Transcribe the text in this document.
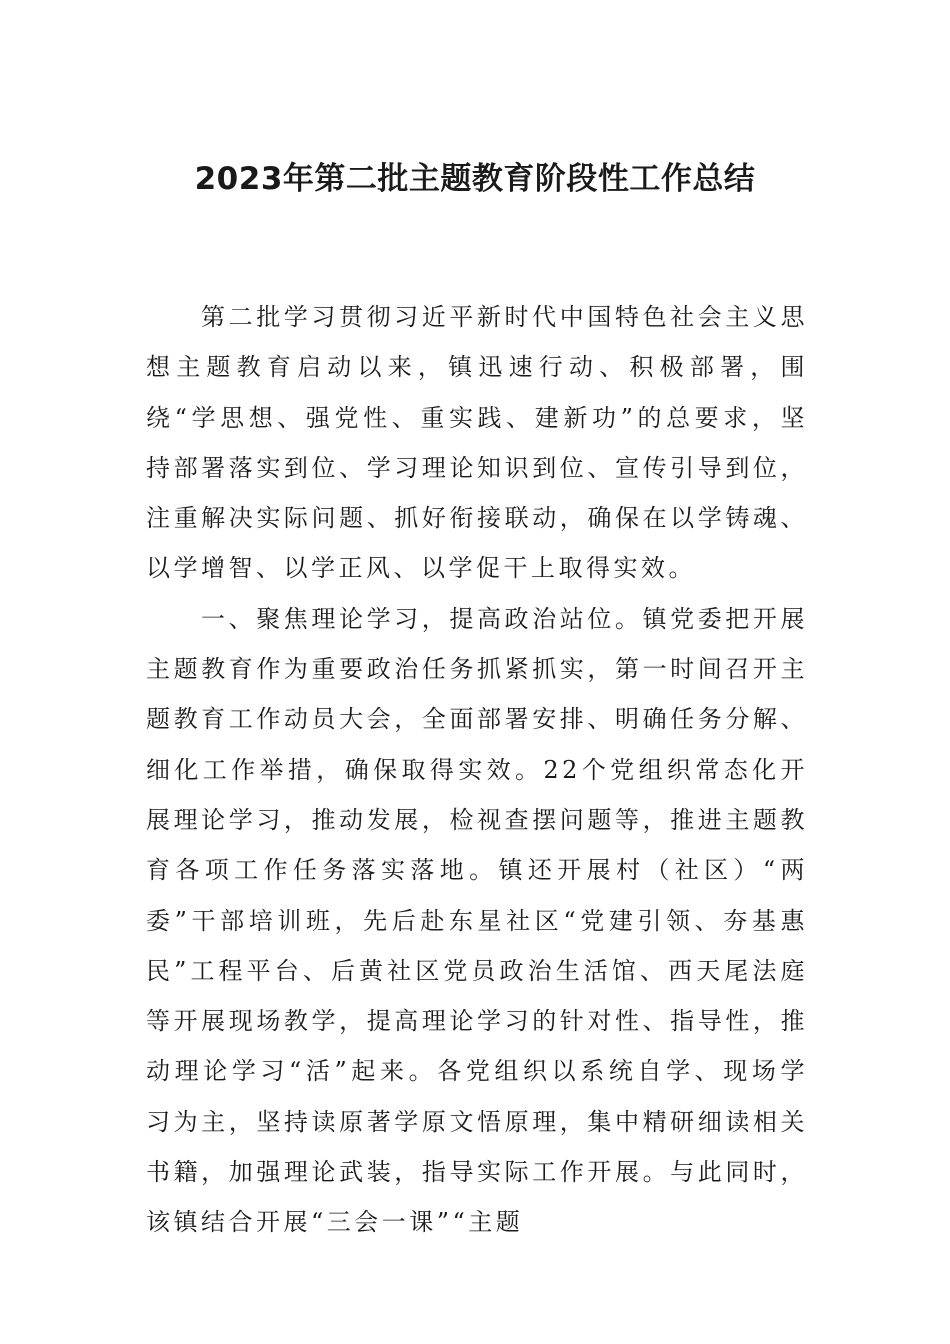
2023年第二批主题教育阶段性工作总结

第二批学习贯彻习近平新时代中国特色社会主义思想主题教育启动以来，镇迅速行动、积极部署，围绕“学思想、强党性、重实践、建新功”的总要求，坚持部署落实到位、学习理论知识到位、宣传引导到位，注重解决实际问题、抓好衔接联动，确保在以学铸魂、以学增智、以学正风、以学促干上取得实效。

一、聚焦理论学习，提高政治站位。镇党委把开展主题教育作为重要政治任务抓紧抓实，第一时间召开主题教育工作动员大会，全面部署安排、明确任务分解、细化工作举措，确保取得实效。22个党组织常态化开展理论学习，推动发展，检视查摆问题等，推进主题教育各项工作任务落实落地。镇还开展村（社区）“两委”干部培训班，先后赴东星社区“党建引领、夯基惠民”工程平台、后黄社区党员政治生活馆、西天尾法庭等开展现场教学，提高理论学习的针对性、指导性，推动理论学习“活”起来。各党组织以系统自学、现场学习为主，坚持读原著学原文悟原理，集中精研细读相关书籍，加强理论武装，指导实际工作开展。与此同时，该镇结合开展“三会一课”“主题
